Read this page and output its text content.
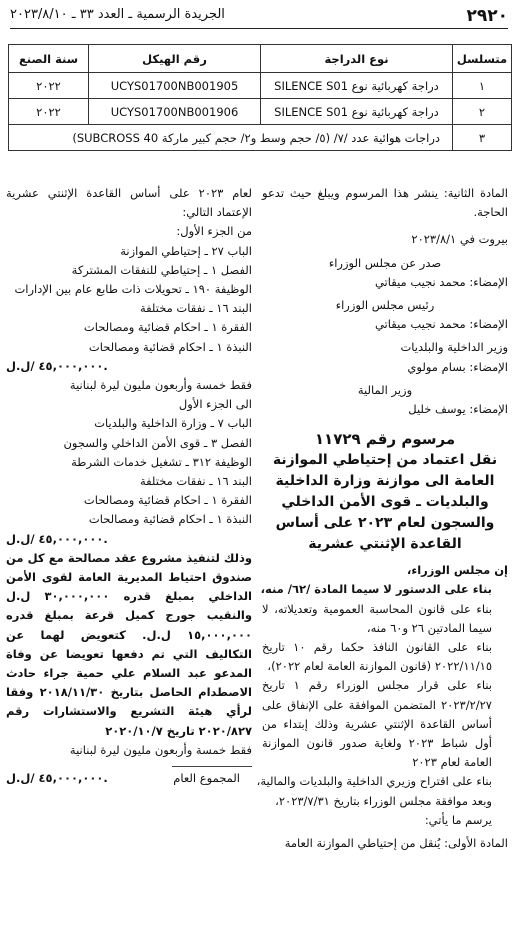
٢٩٢٠
الجريدة الرسمية ـ العدد ٣٣ ـ ٢٠٢٣/٨/١٠
متسلسل	نوع الدراجة	رقم الهيكل	سنة الصنع
١	دراجة كهربائية نوع SILENCE S01	UCYS01700NB001905	٢٠٢٢
٢	دراجة كهربائية نوع SILENCE S01	UCYS01700NB001906	٢٠٢٢
٣	دراجات هوائية عدد /٧/ (٥/ حجم وسط و٢/ حجم كبير ماركة SUBCROSS 40)		
المادة الثانية: ينشر هذا المرسوم ويبلغ حيث تدعو الحاجة.
بيروت في ٢٠٢٣/٨/١
صدر عن مجلس الوزراء
الإمضاء: محمد نجيب ميقاتي
رئيس مجلس الوزراء
الإمضاء: محمد نجيب ميقاتي
وزير الداخلية والبلديات
الإمضاء: بسام مولوي
وزير المالية
الإمضاء: يوسف خليل
مرسوم رقم ١١٧٢٩
نقل اعتماد من إحتياطي الموازنة العامة الى موازنة وزارة الداخلية والبلديات ـ قوى الأمن الداخلي والسجون لعام ٢٠٢٣ على أساس القاعدة الإثنتي عشرية
إن مجلس الوزراء،
بناء على الدستور لا سيما المادة /٦٢/ منه،
بناء على قانون المحاسبة العمومية وتعديلاته، لا سيما المادتين ٢٦ و٦٠ منه،
بناء على القانون النافذ حكما رقم ١٠ تاريخ ٢٠٢٢/١١/١٥ (قانون الموازنة العامة لعام ٢٠٢٢)،
بناء على قرار مجلس الوزراء رقم ١ تاريخ ٢٠٢٣/٢/٢٧ المتضمن الموافقة على الإنفاق على أساس القاعدة الإثنتي عشرية وذلك إبتداء من أول شباط ٢٠٢٣ ولغاية صدور قانون الموازنة العامة لعام ٢٠٢٣
بناء على اقتراح وزيري الداخلية والبلديات والمالية،
وبعد موافقة مجلس الوزراء بتاريخ ٢٠٢٣/٧/٣١،
يرسم ما يأتي:
المادة الأولى: يُنقل من إحتياطي الموازنة العامة
لعام ٢٠٢٣ على أساس القاعدة الإثنتي عشرية الإعتماد التالي:
من الجزء الأول:
الباب ٢٧ ـ إحتياطي الموازنة
الفصل ١ ـ إحتياطي للنفقات المشتركة
الوظيفة ١٩٠ ـ تحويلات ذات طابع عام بين الإدارات
البند ١٦ ـ نفقات مختلفة
الفقرة ١ ـ احكام قضائية ومصالحات
النبذة ١ ـ احكام قضائية ومصالحات
٤٥,٠٠٠,٠٠٠ /ل.ل.
فقط خمسة وأربعون مليون ليرة لبنانية
الى الجزء الأول
الباب ٧ ـ وزارة الداخلية والبلديات
الفصل ٣ ـ قوى الأمن الداخلي والسجون
الوظيفة ٣١٢ ـ تشغيل خدمات الشرطة
البند ١٦ ـ نفقات مختلفة
الفقرة ١ ـ احكام قضائية ومصالحات
النبذة ١ ـ احكام قضائية ومصالحات
٤٥,٠٠٠,٠٠٠ /ل.ل.
وذلك لتنفيذ مشروع عقد مصالحة مع كل من صندوق احتياط المديرية العامة لقوى الأمن الداخلي بمبلغ قدره ٣٠,٠٠٠,٠٠٠ ل.ل والنقيب جورج كميل قرعة بمبلغ قدره ١٥,٠٠٠,٠٠٠ ل.ل. كتعويض لهما عن التكاليف التي تم دفعها تعويضا عن وفاة المدعو عبد السلام علي حمية جراء حادث الاصطدام الحاصل بتاريخ ٢٠١٨/١١/٣٠ وفقا لرأي هيئة التشريع والاستشارات رقم ٢٠٢٠/٨٢٧ تاريخ ٢٠٢٠/١٠/٧
فقط خمسة وأربعون مليون ليرة لبنانية
المجموع العام
٤٥,٠٠٠,٠٠٠ /ل.ل.
